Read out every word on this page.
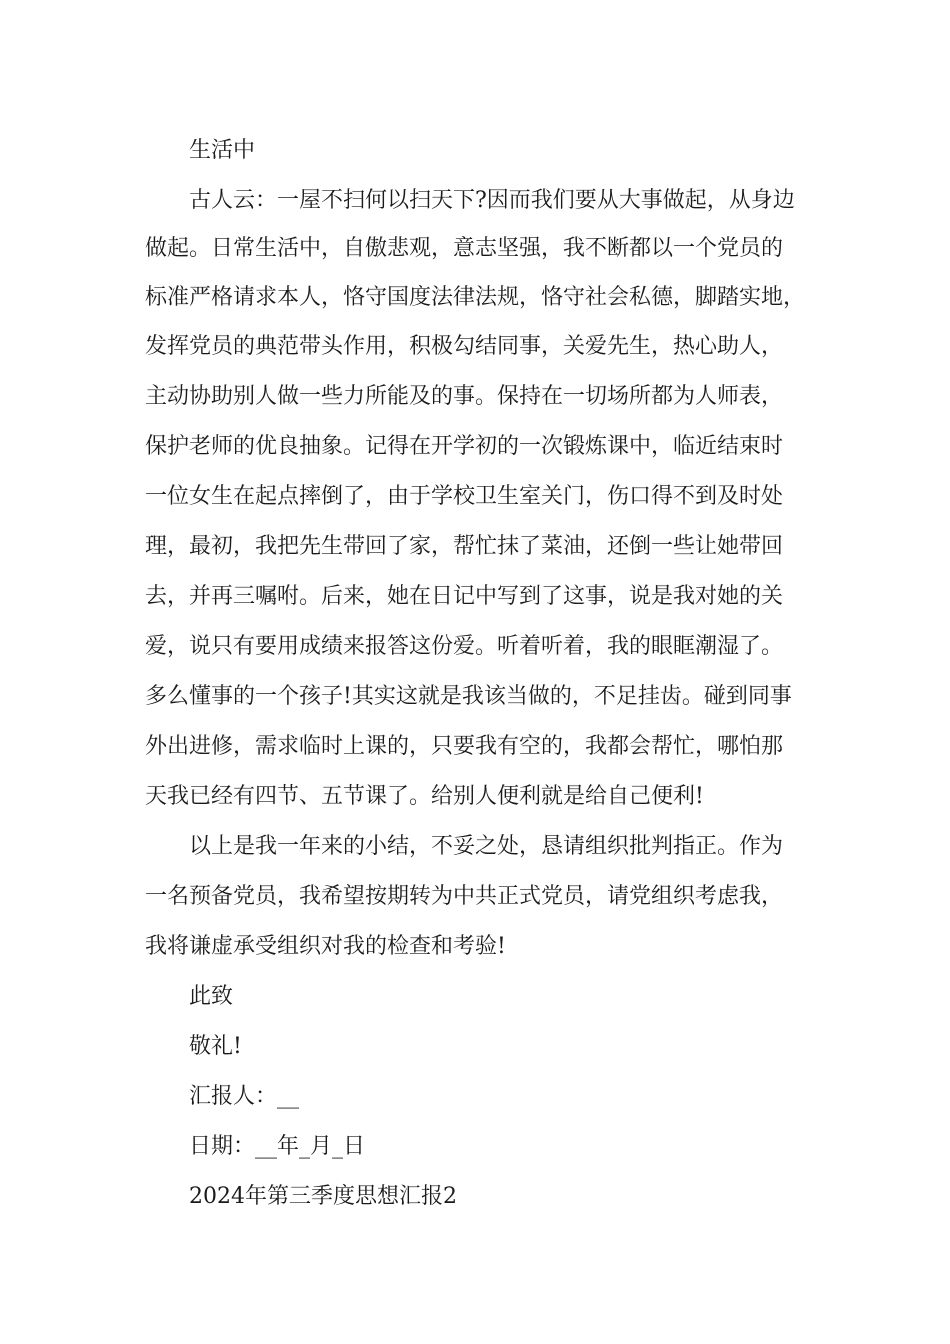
生活中
古人云：一屋不扫何以扫天下?因而我们要从大事做起，从身边
做起。日常生活中，自傲悲观，意志坚强，我不断都以一个党员的
标准严格请求本人，恪守国度法律法规，恪守社会私德，脚踏实地，
发挥党员的典范带头作用，积极勾结同事，关爱先生，热心助人，
主动协助别人做一些力所能及的事。保持在一切场所都为人师表，
保护老师的优良抽象。记得在开学初的一次锻炼课中，临近结束时
一位女生在起点摔倒了，由于学校卫生室关门，伤口得不到及时处
理，最初，我把先生带回了家，帮忙抹了菜油，还倒一些让她带回
去，并再三嘱咐。后来，她在日记中写到了这事，说是我对她的关
爱，说只有要用成绩来报答这份爱。听着听着，我的眼眶潮湿了。
多么懂事的一个孩子!其实这就是我该当做的，不足挂齿。碰到同事
外出进修，需求临时上课的，只要我有空的，我都会帮忙，哪怕那
天我已经有四节、五节课了。给别人便利就是给自己便利!
以上是我一年来的小结，不妥之处，恳请组织批判指正。作为
一名预备党员，我希望按期转为中共正式党员，请党组织考虑我，
我将谦虚承受组织对我的检查和考验!
此致
敬礼!
汇报人：__
日期：__年_月_日
2024年第三季度思想汇报2
